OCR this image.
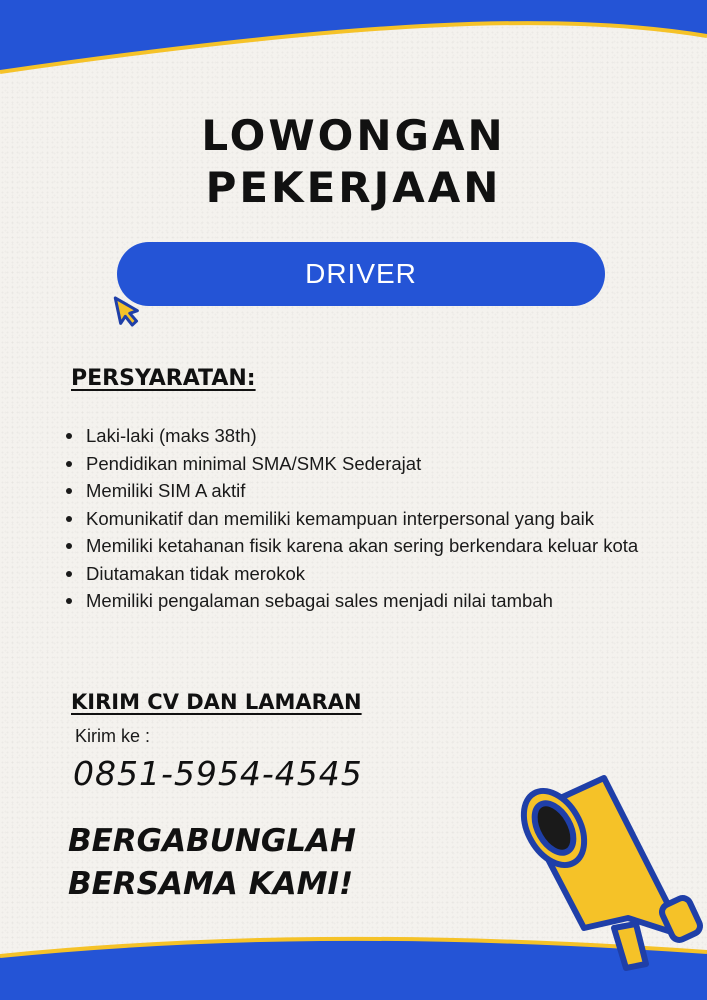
LOWONGAN
PEKERJAAN
DRIVER
PERSYARATAN:
Laki-laki (maks 38th)
Pendidikan minimal SMA/SMK Sederajat
Memiliki SIM A aktif
Komunikatif dan memiliki kemampuan interpersonal yang baik
Memiliki ketahanan fisik karena akan sering berkendara keluar kota
Diutamakan tidak merokok
Memiliki pengalaman sebagai sales menjadi nilai tambah
KIRIM CV DAN LAMARAN
Kirim ke :
0851-5954-4545
BERGABUNGLAH
BERSAMA KAMI!
